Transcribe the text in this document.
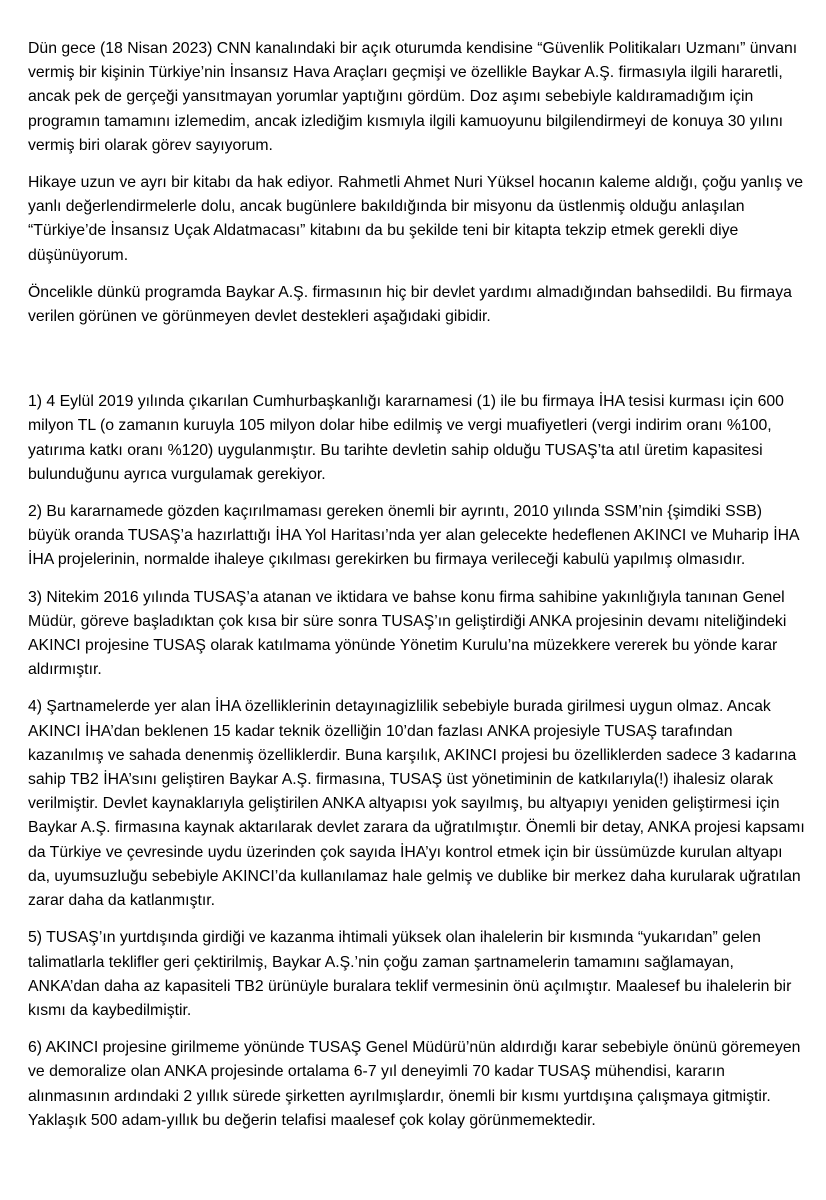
Dün gece (18 Nisan 2023) CNN kanalındaki bir açık oturumda kendisine “Güvenlik Politikaları Uzmanı” ünvanı vermiş bir kişinin Türkiye’nin İnsansız Hava Araçları geçmişi ve özellikle Baykar A.Ş. firmasıyla ilgili hararetli, ancak pek de gerçeği yansıtmayan yorumlar yaptığını gördüm. Doz aşımı sebebiyle kaldıramadığım için programın tamamını izlemedim, ancak izlediğim kısmıyla ilgili kamuoyunu bilgilendirmeyi de konuya 30 yılını vermiş biri olarak görev sayıyorum.

Hikaye uzun ve ayrı bir kitabı da hak ediyor. Rahmetli Ahmet Nuri Yüksel hocanın kaleme aldığı, çoğu yanlış ve yanlı değerlendirmelerle dolu, ancak bugünlere bakıldığında bir misyonu da üstlenmiş olduğu anlaşılan “Türkiye’de İnsansız Uçak Aldatmacası” kitabını da bu şekilde teni bir kitapta tekzip etmek gerekli diye düşünüyorum.

Öncelikle dünkü programda Baykar A.Ş. firmasının hiç bir devlet yardımı almadığından bahsedildi. Bu firmaya verilen görünen ve görünmeyen devlet destekleri aşağıdaki gibidir.

1) 4 Eylül 2019 yılında çıkarılan Cumhurbaşkanlığı kararnamesi (1) ile bu firmaya İHA tesisi kurması için 600 milyon TL (o zamanın kuruyla 105 milyon dolar hibe edilmiş ve vergi muafiyetleri (vergi indirim oranı %100, yatırıma katkı oranı %120) uygulanmıştır. Bu tarihte devletin sahip olduğu TUSAŞ’ta atıl üretim kapasitesi bulunduğunu ayrıca vurgulamak gerekiyor.

2) Bu kararnamede gözden kaçırılmaması gereken önemli bir ayrıntı, 2010 yılında SSM’nin {şimdiki SSB) büyük oranda TUSAŞ’a hazırlattığı İHA Yol Haritası’nda yer alan gelecekte hedeflenen AKINCI ve Muharip İHA İHA projelerinin, normalde ihaleye çıkılması gerekirken bu firmaya verileceği kabulü yapılmış olmasıdır.

3) Nitekim 2016 yılında TUSAŞ’a atanan ve iktidara ve bahse konu firma sahibine yakınlığıyla tanınan Genel Müdür, göreve başladıktan çok kısa bir süre sonra TUSAŞ’ın geliştirdiği ANKA projesinin devamı niteliğindeki AKINCI projesine TUSAŞ olarak katılmama yönünde Yönetim Kurulu’na müzekkere vererek bu yönde karar aldırmıştır.

4) Şartnamelerde yer alan İHA özelliklerinin detayınagizlilik sebebiyle burada girilmesi uygun olmaz. Ancak AKINCI İHA’dan beklenen 15 kadar teknik özelliğin 10’dan fazlası ANKA projesiyle TUSAŞ tarafından kazanılmış ve sahada denenmiş özelliklerdir. Buna karşılık, AKINCI projesi bu özelliklerden sadece 3 kadarına sahip TB2 İHA’sını geliştiren Baykar A.Ş. firmasına, TUSAŞ üst yönetiminin de katkılarıyla(!) ihalesiz olarak verilmiştir. Devlet kaynaklarıyla geliştirilen ANKA altyapısı yok sayılmış, bu altyapıyı yeniden geliştirmesi için Baykar A.Ş. firmasına kaynak aktarılarak devlet zarara da uğratılmıştır. Önemli bir detay, ANKA projesi kapsamı da Türkiye ve çevresinde uydu üzerinden çok sayıda İHA’yı kontrol etmek için bir üssümüzde kurulan altyapı da, uyumsuzluğu sebebiyle AKINCI’da kullanılamaz hale gelmiş ve dublike bir merkez daha kurularak uğratılan zarar daha da katlanmıştır.

5) TUSAŞ’ın yurtdışında girdiği ve kazanma ihtimali yüksek olan ihalelerin bir kısmında “yukarıdan” gelen talimatlarla teklifler geri çektirilmiş, Baykar A.Ş.’nin çoğu zaman şartnamelerin tamamını sağlamayan, ANKA’dan daha az kapasiteli TB2 ürünüyle buralara teklif vermesinin önü açılmıştır. Maalesef bu ihalelerin bir kısmı da kaybedilmiştir.

6) AKINCI projesine girilmeme yönünde TUSAŞ Genel Müdürü’nün aldırdığı karar sebebiyle önünü göremeyen ve demoralize olan ANKA projesinde ortalama 6-7 yıl deneyimli 70 kadar TUSAŞ mühendisi, kararın alınmasının ardındaki 2 yıllık sürede şirketten ayrılmışlardır, önemli bir kısmı yurtdışına çalışmaya gitmiştir. Yaklaşık 500 adam-yıllık bu değerin telafisi maalesef çok kolay görünmemektedir.
